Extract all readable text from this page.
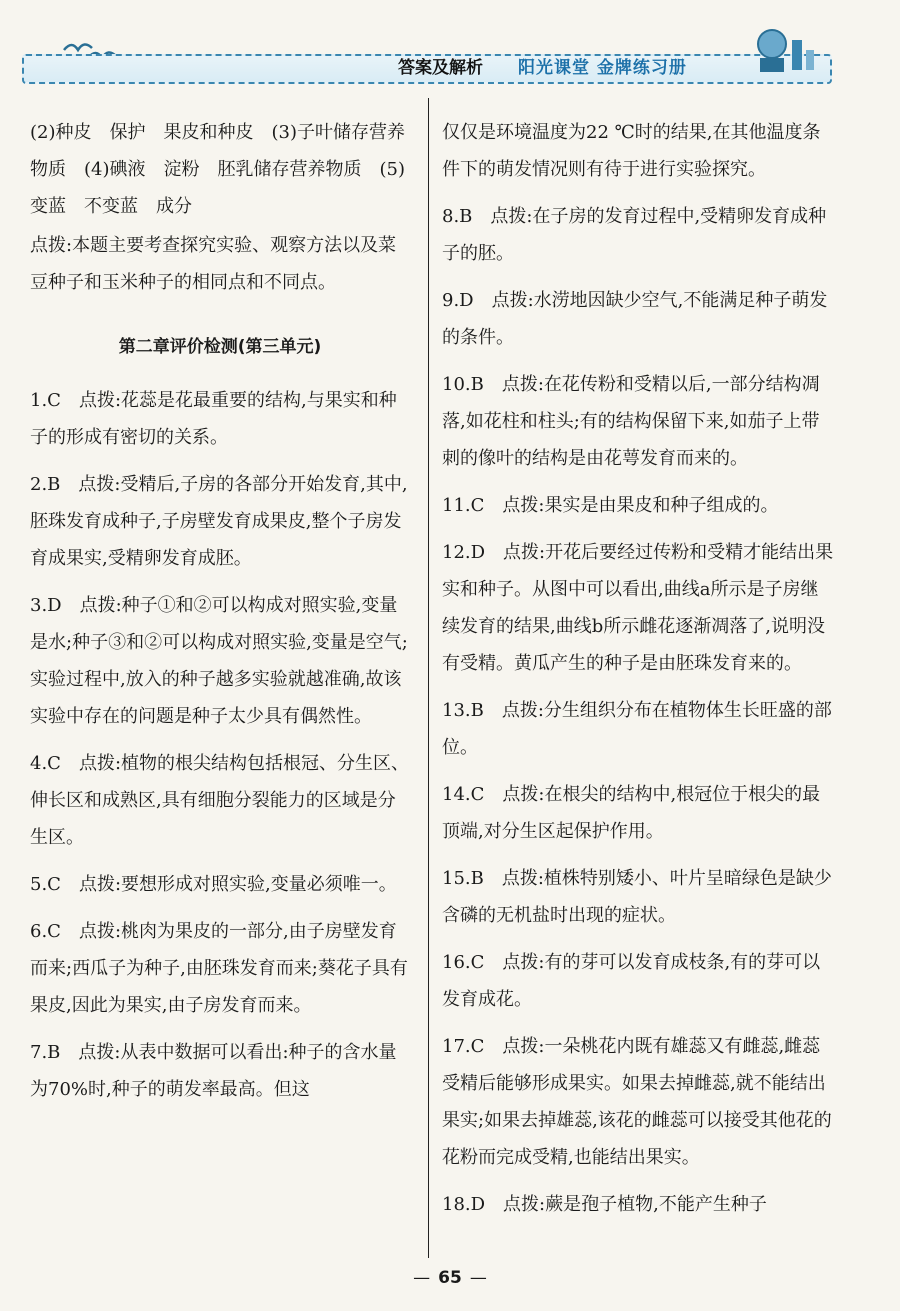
答案及解析 阳光课堂 金牌练习册

(2)种皮　保护　果皮和种皮　(3)子叶储存营养物质　(4)碘液　淀粉　胚乳储存营养物质　(5)变蓝　不变蓝　成分

点拨:本题主要考查探究实验、观察方法以及菜豆种子和玉米种子的相同点和不同点。

第二章评价检测(第三单元)

1.C　点拨:花蕊是花最重要的结构,与果实和种子的形成有密切的关系。

2.B　点拨:受精后,子房的各部分开始发育,其中,胚珠发育成种子,子房壁发育成果皮,整个子房发育成果实,受精卵发育成胚。

3.D　点拨:种子①和②可以构成对照实验,变量是水;种子③和②可以构成对照实验,变量是空气;实验过程中,放入的种子越多实验就越准确,故该实验中存在的问题是种子太少具有偶然性。

4.C　点拨:植物的根尖结构包括根冠、分生区、伸长区和成熟区,具有细胞分裂能力的区域是分生区。

5.C　点拨:要想形成对照实验,变量必须唯一。

6.C　点拨:桃肉为果皮的一部分,由子房壁发育而来;西瓜子为种子,由胚珠发育而来;葵花子具有果皮,因此为果实,由子房发育而来。

7.B　点拨:从表中数据可以看出:种子的含水量为70%时,种子的萌发率最高。但这

仅仅是环境温度为22 ℃时的结果,在其他温度条件下的萌发情况则有待于进行实验探究。

8.B　点拨:在子房的发育过程中,受精卵发育成种子的胚。

9.D　点拨:水涝地因缺少空气,不能满足种子萌发的条件。

10.B　点拨:在花传粉和受精以后,一部分结构凋落,如花柱和柱头;有的结构保留下来,如茄子上带刺的像叶的结构是由花萼发育而来的。

11.C　点拨:果实是由果皮和种子组成的。

12.D　点拨:开花后要经过传粉和受精才能结出果实和种子。从图中可以看出,曲线a所示是子房继续发育的结果,曲线b所示雌花逐渐凋落了,说明没有受精。黄瓜产生的种子是由胚珠发育来的。

13.B　点拨:分生组织分布在植物体生长旺盛的部位。

14.C　点拨:在根尖的结构中,根冠位于根尖的最顶端,对分生区起保护作用。

15.B　点拨:植株特别矮小、叶片呈暗绿色是缺少含磷的无机盐时出现的症状。

16.C　点拨:有的芽可以发育成枝条,有的芽可以发育成花。

17.C　点拨:一朵桃花内既有雄蕊又有雌蕊,雌蕊受精后能够形成果实。如果去掉雌蕊,就不能结出果实;如果去掉雄蕊,该花的雌蕊可以接受其他花的花粉而完成受精,也能结出果实。

18.D　点拨:蕨是孢子植物,不能产生种子

— 65 —
